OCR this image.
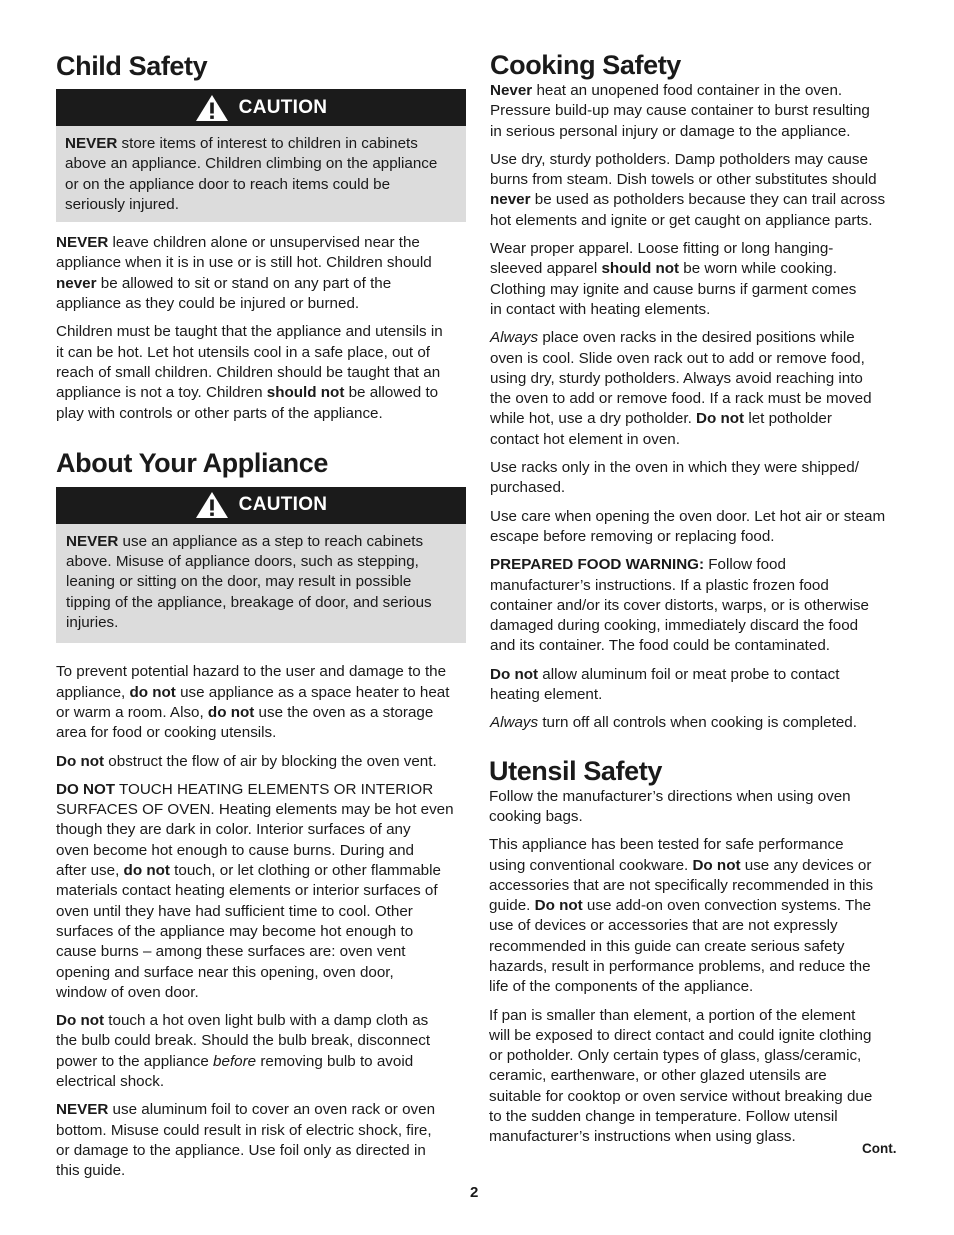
Child Safety
CAUTION

NEVER store items of interest to children in cabinets
above an appliance. Children climbing on the appliance
or on the appliance door to reach items could be
seriously injured.

NEVER leave children alone or unsupervised near the
appliance when it is in use or is still hot. Children should
never be allowed to sit or stand on any part of the
appliance as they could be injured or burned.

Children must be taught that the appliance and utensils in
it can be hot. Let hot utensils cool in a safe place, out of
reach of small children. Children should be taught that an
appliance is not a toy. Children should not be allowed to
play with controls or other parts of the appliance.

About Your Appliance
CAUTION

NEVER use an appliance as a step to reach cabinets
above. Misuse of appliance doors, such as stepping,
leaning or sitting on the door, may result in possible
tipping of the appliance, breakage of door, and serious
injuries.

To prevent potential hazard to the user and damage to the
appliance, do not use appliance as a space heater to heat
or warm a room. Also, do not use the oven as a storage
area for food or cooking utensils.

Do not obstruct the flow of air by blocking the oven vent.

DO NOT TOUCH HEATING ELEMENTS OR INTERIOR
SURFACES OF OVEN. Heating elements may be hot even
though they are dark in color. Interior surfaces of any
oven become hot enough to cause burns. During and
after use, do not touch, or let clothing or other flammable
materials contact heating elements or interior surfaces of
oven until they have had sufficient time to cool. Other
surfaces of the appliance may become hot enough to
cause burns – among these surfaces are: oven vent
opening and surface near this opening, oven door,
window of oven door.

Do not touch a hot oven light bulb with a damp cloth as
the bulb could break. Should the bulb break, disconnect
power to the appliance before removing bulb to avoid
electrical shock.

NEVER use aluminum foil to cover an oven rack or oven
bottom. Misuse could result in risk of electric shock, fire,
or damage to the appliance. Use foil only as directed in
this guide.

Cooking Safety

Never heat an unopened food container in the oven.
Pressure build-up may cause container to burst resulting
in serious personal injury or damage to the appliance.

Use dry, sturdy potholders. Damp potholders may cause
burns from steam. Dish towels or other substitutes should
never be used as potholders because they can trail across
hot elements and ignite or get caught on appliance parts.

Wear proper apparel. Loose fitting or long hanging-
sleeved apparel should not be worn while cooking.
Clothing may ignite and cause burns if garment comes
in contact with heating elements.

Always place oven racks in the desired positions while
oven is cool. Slide oven rack out to add or remove food,
using dry, sturdy potholders. Always avoid reaching into
the oven to add or remove food. If a rack must be moved
while hot, use a dry potholder. Do not let potholder
contact hot element in oven.

Use racks only in the oven in which they were shipped/
purchased.

Use care when opening the oven door. Let hot air or steam
escape before removing or replacing food.

PREPARED FOOD WARNING: Follow food
manufacturer’s instructions. If a plastic frozen food
container and/or its cover distorts, warps, or is otherwise
damaged during cooking, immediately discard the food
and its container. The food could be contaminated.

Do not allow aluminum foil or meat probe to contact
heating element.

Always turn off all controls when cooking is completed.

Utensil Safety

Follow the manufacturer’s directions when using oven
cooking bags.

This appliance has been tested for safe performance
using conventional cookware. Do not use any devices or
accessories that are not specifically recommended in this
guide. Do not use add-on oven convection systems. The
use of devices or accessories that are not expressly
recommended in this guide can create serious safety
hazards, result in performance problems, and reduce the
life of the components of the appliance.

If pan is smaller than element, a portion of the element
will be exposed to direct contact and could ignite clothing
or potholder. Only certain types of glass, glass/ceramic,
ceramic, earthenware, or other glazed utensils are
suitable for cooktop or oven service without breaking due
to the sudden change in temperature. Follow utensil
manufacturer’s instructions when using glass.

Cont.
2
